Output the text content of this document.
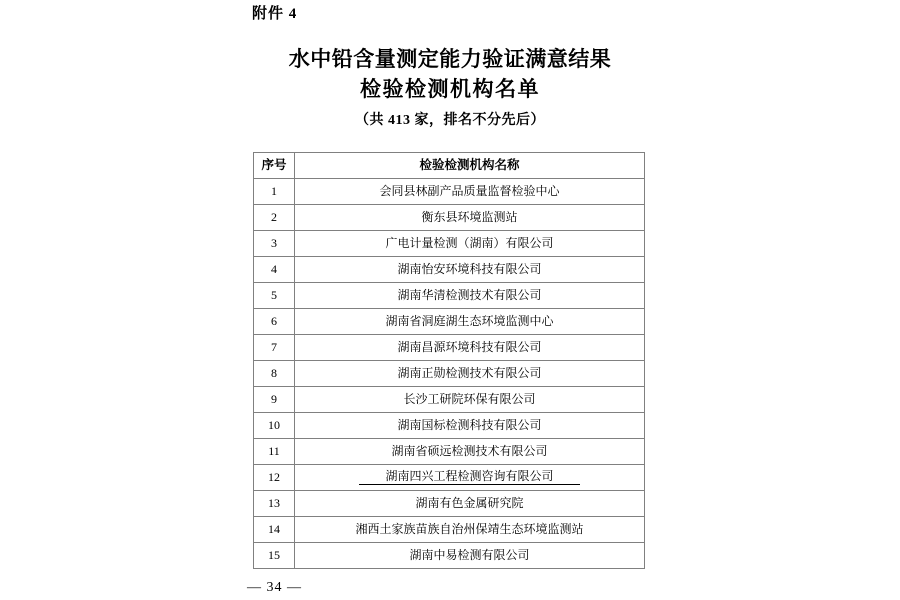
附件 4
水中铅含量测定能力验证满意结果
检验检测机构名单
（共 413 家，排名不分先后）
序号	检验检测机构名称
1	会同县林副产品质量监督检验中心
2	衡东县环境监测站
3	广电计量检测（湖南）有限公司
4	湖南怡安环境科技有限公司
5	湖南华清检测技术有限公司
6	湖南省洞庭湖生态环境监测中心
7	湖南昌源环境科技有限公司
8	湖南正勋检测技术有限公司
9	长沙工研院环保有限公司
10	湖南国标检测科技有限公司
11	湖南省硕远检测技术有限公司
12	湖南四兴工程检测咨询有限公司
13	湖南有色金属研究院
14	湘西土家族苗族自治州保靖生态环境监测站
15	湖南中易检测有限公司
— 34 —
